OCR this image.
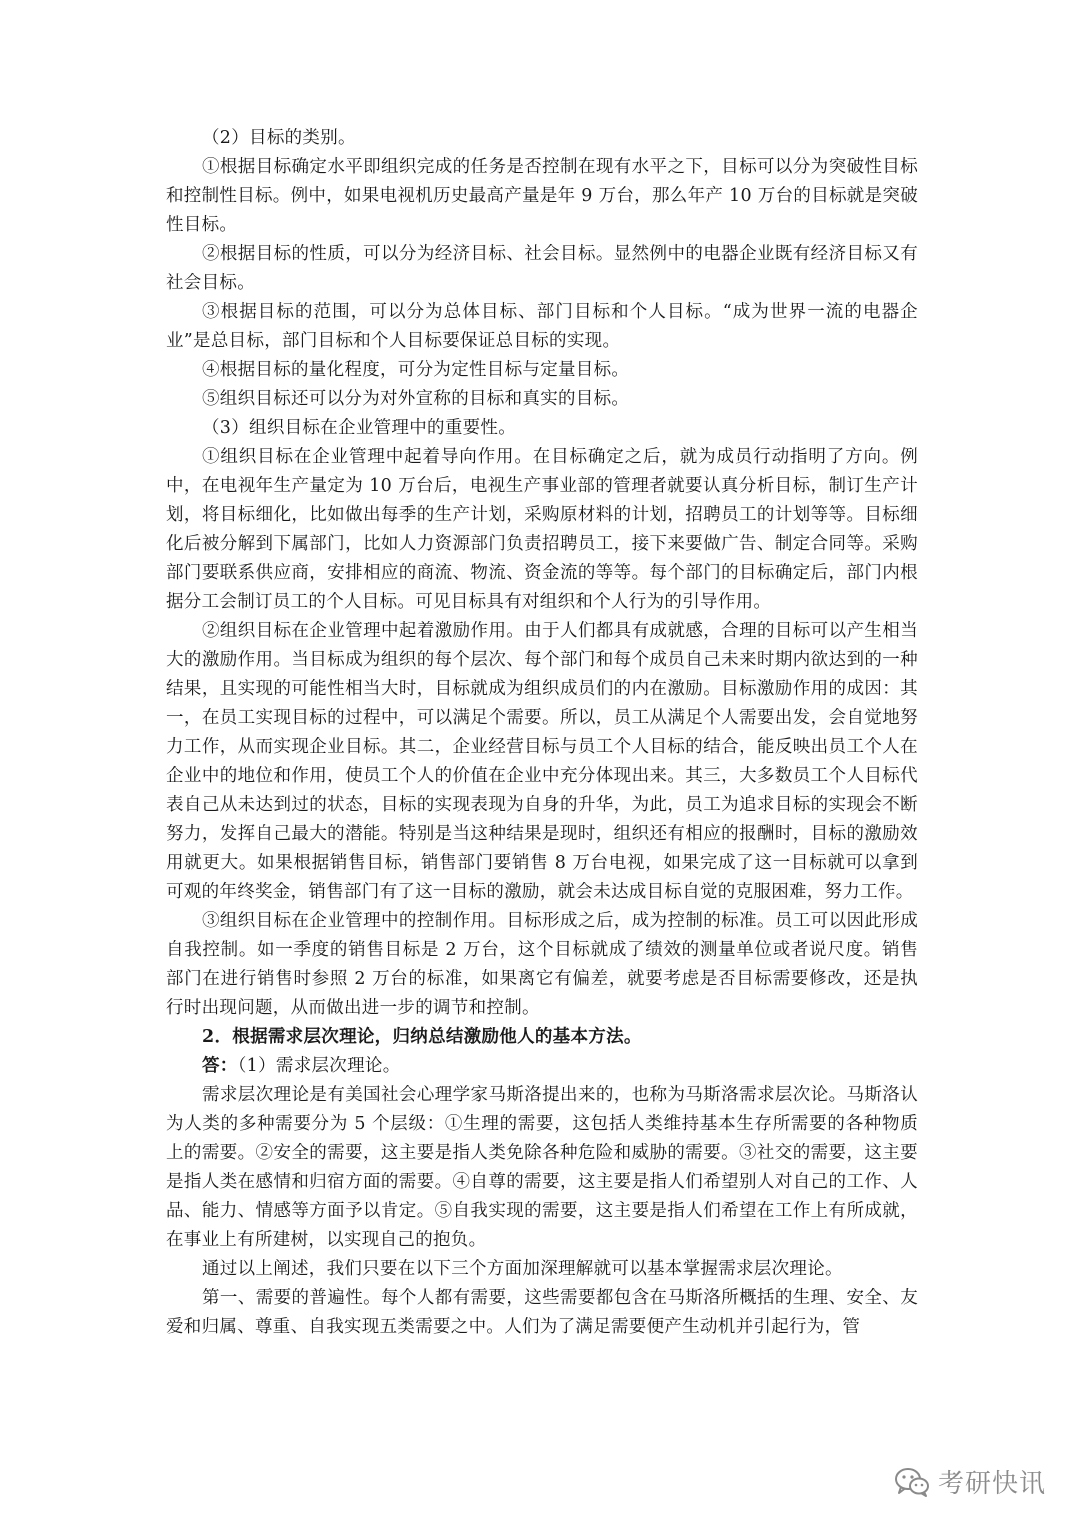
（2）目标的类别。

①根据目标确定水平即组织完成的任务是否控制在现有水平之下，目标可以分为突破性目标和控制性目标。例中，如果电视机历史最高产量是年 9 万台，那么年产 10 万台的目标就是突破性目标。

②根据目标的性质，可以分为经济目标、社会目标。显然例中的电器企业既有经济目标又有社会目标。

③根据目标的范围，可以分为总体目标、部门目标和个人目标。“成为世界一流的电器企业”是总目标，部门目标和个人目标要保证总目标的实现。

④根据目标的量化程度，可分为定性目标与定量目标。

⑤组织目标还可以分为对外宣称的目标和真实的目标。

（3）组织目标在企业管理中的重要性。

①组织目标在企业管理中起着导向作用。在目标确定之后，就为成员行动指明了方向。例中，在电视年生产量定为 10 万台后，电视生产事业部的管理者就要认真分析目标，制订生产计划，将目标细化，比如做出每季的生产计划，采购原材料的计划，招聘员工的计划等等。目标细化后被分解到下属部门，比如人力资源部门负责招聘员工，接下来要做广告、制定合同等。采购部门要联系供应商，安排相应的商流、物流、资金流的等等。每个部门的目标确定后，部门内根据分工会制订员工的个人目标。可见目标具有对组织和个人行为的引导作用。

②组织目标在企业管理中起着激励作用。由于人们都具有成就感，合理的目标可以产生相当大的激励作用。当目标成为组织的每个层次、每个部门和每个成员自己未来时期内欲达到的一种结果，且实现的可能性相当大时，目标就成为组织成员们的内在激励。目标激励作用的成因：其一，在员工实现目标的过程中，可以满足个需要。所以，员工从满足个人需要出发，会自觉地努力工作，从而实现企业目标。其二，企业经营目标与员工个人目标的结合，能反映出员工个人在企业中的地位和作用，使员工个人的价值在企业中充分体现出来。其三，大多数员工个人目标代表自己从未达到过的状态，目标的实现表现为自身的升华，为此，员工为追求目标的实现会不断努力，发挥自己最大的潜能。特别是当这种结果是现时，组织还有相应的报酬时，目标的激励效用就更大。如果根据销售目标，销售部门要销售 8 万台电视，如果完成了这一目标就可以拿到可观的年终奖金，销售部门有了这一目标的激励，就会未达成目标自觉的克服困难，努力工作。

③组织目标在企业管理中的控制作用。目标形成之后，成为控制的标准。员工可以因此形成自我控制。如一季度的销售目标是 2 万台，这个目标就成了绩效的测量单位或者说尺度。销售部门在进行销售时参照 2 万台的标准，如果离它有偏差，就要考虑是否目标需要修改，还是执行时出现问题，从而做出进一步的调节和控制。

2．根据需求层次理论，归纳总结激励他人的基本方法。

答：（1）需求层次理论。

需求层次理论是有美国社会心理学家马斯洛提出来的，也称为马斯洛需求层次论。马斯洛认为人类的多种需要分为 5 个层级：①生理的需要，这包括人类维持基本生存所需要的各种物质上的需要。②安全的需要，这主要是指人类免除各种危险和威胁的需要。③社交的需要，这主要是指人类在感情和归宿方面的需要。④自尊的需要，这主要是指人们希望别人对自己的工作、人品、能力、情感等方面予以肯定。⑤自我实现的需要，这主要是指人们希望在工作上有所成就，在事业上有所建树，以实现自己的抱负。

通过以上阐述，我们只要在以下三个方面加深理解就可以基本掌握需求层次理论。

第一、需要的普遍性。每个人都有需要，这些需要都包含在马斯洛所概括的生理、安全、友爱和归属、尊重、自我实现五类需要之中。人们为了满足需要便产生动机并引起行为，管

考研快讯
